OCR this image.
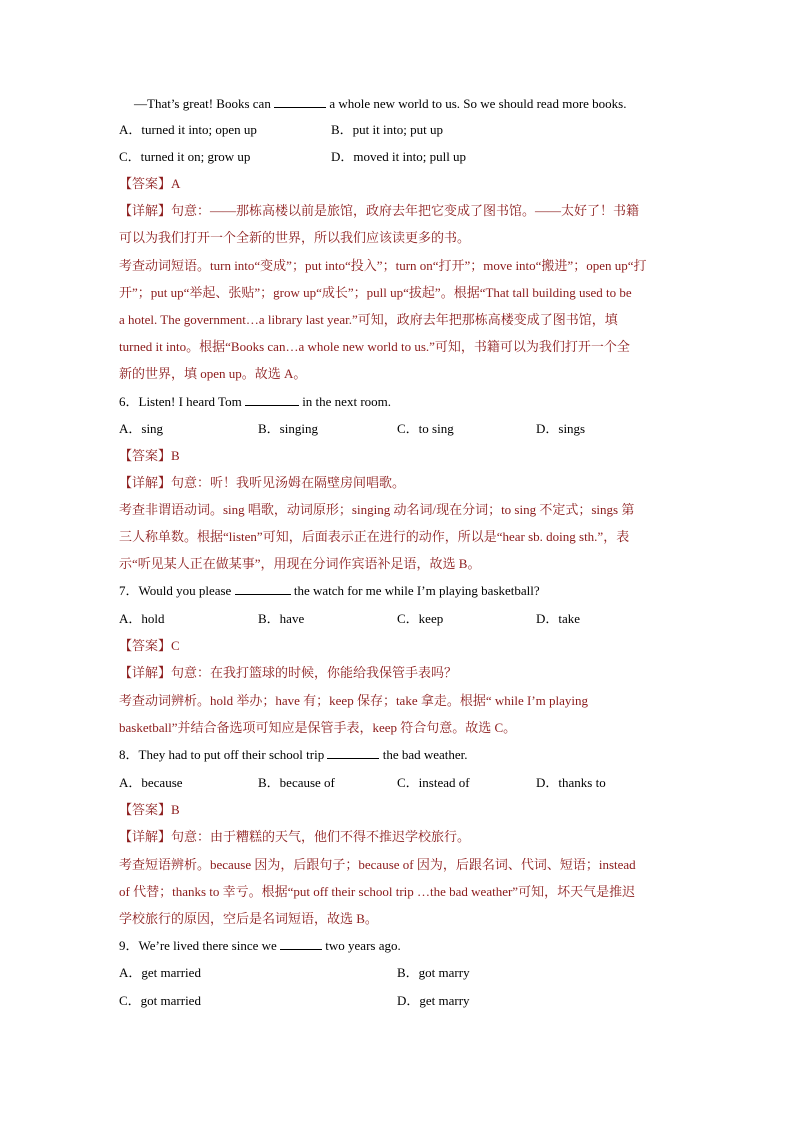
—That’s great! Books can	a whole new world to us. So we should read more books.
A．turned it into; open up	B．put it into; put up
C．turned it on; grow up	D．moved it into; pull up
【答案】A
【详解】句意：——那栋高楼以前是旅馆，政府去年把它变成了图书馆。——太好了！书籍
可以为我们打开一个全新的世界，所以我们应该读更多的书。
考查动词短语。turn into“变成”；put into“投入”；turn on“打开”；move into“搬进”；open up“打
开”；put up“举起、张贴”；grow up“成长”；pull up“拔起”。根据“That tall building used to be
a hotel. The government…a library last year.”可知，政府去年把那栋高楼变成了图书馆，填
turned it into。根据“Books can…a whole new world to us.”可知，书籍可以为我们打开一个全
新的世界，填 open up。故选 A。
6．Listen! I heard Tom	in the next room.
A．sing	B．singing	C．to sing	D．sings
【答案】B
【详解】句意：听！我听见汤姆在隔壁房间唱歌。
考查非谓语动词。sing 唱歌，动词原形；singing 动名词/现在分词；to sing 不定式；sings 第
三人称单数。根据“listen”可知，后面表示正在进行的动作，所以是“hear sb. doing sth.”，表
示“听见某人正在做某事”，用现在分词作宾语补足语，故选 B。
7．Would you please	the watch for me while I’m playing basketball?
A．hold	B．have	C．keep	D．take
【答案】C
【详解】句意：在我打篮球的时候，你能给我保管手表吗？
考查动词辨析。hold 举办；have 有；keep 保存；take 拿走。根据“ while I’m playing
basketball”并结合备选项可知应是保管手表，keep 符合句意。故选 C。
8．They had to put off their school trip	the bad weather.
A．because	B．because of	C．instead of	D．thanks to
【答案】B
【详解】句意：由于糟糕的天气，他们不得不推迟学校旅行。
考查短语辨析。because 因为，后跟句子；because of 因为，后跟名词、代词、短语；instead
of 代替；thanks to 幸亏。根据“put off their school trip …the bad weather”可知，坏天气是推迟
学校旅行的原因，空后是名词短语，故选 B。
9．We’re lived there since we	two years ago.
A．get married	B．got marry
C．got married	D．get marry
